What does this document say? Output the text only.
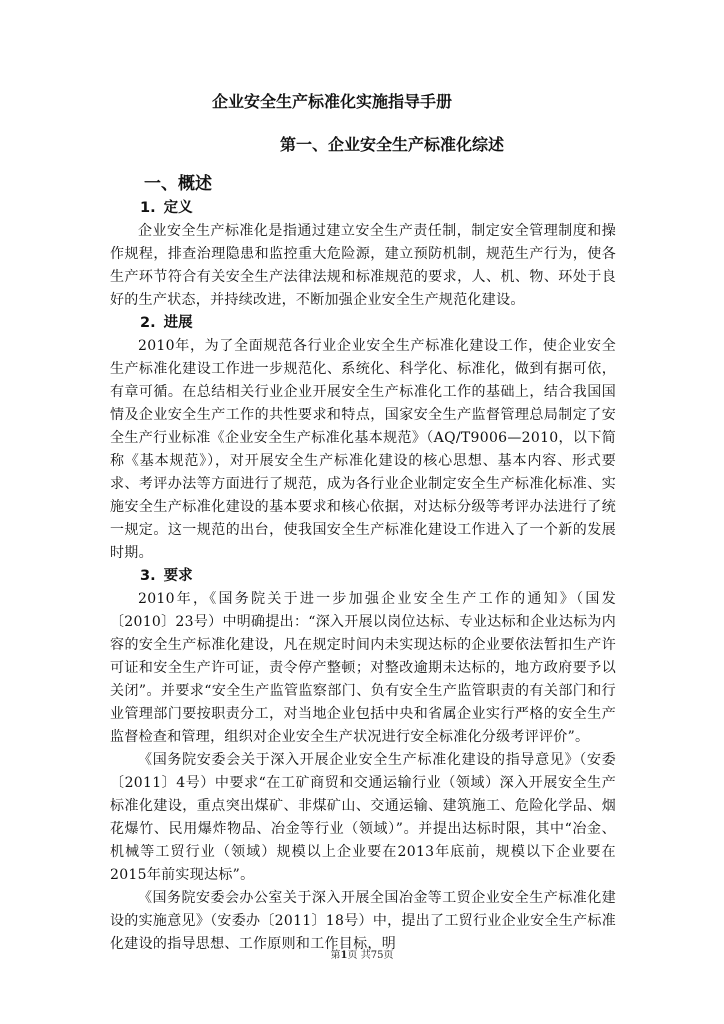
企业安全生产标准化实施指导手册
第一、企业安全生产标准化综述
一、概述
1. 定义

企业安全生产标准化是指通过建立安全生产责任制，制定安全管理制度和操作规程，排查治理隐患和监控重大危险源，建立预防机制，规范生产行为，使各生产环节符合有关安全生产法律法规和标准规范的要求，人、机、物、环处于良好的生产状态，并持续改进，不断加强企业安全生产规范化建设。

2. 进展

2010年，为了全面规范各行业企业安全生产标准化建设工作，使企业安全生产标准化建设工作进一步规范化、系统化、科学化、标准化，做到有据可依，有章可循。在总结相关行业企业开展安全生产标准化工作的基础上，结合我国国情及企业安全生产工作的共性要求和特点，国家安全生产监督管理总局制定了安全生产行业标准《企业安全生产标准化基本规范》（AQ/T9006—2010，以下简称《基本规范》），对开展安全生产标准化建设的核心思想、基本内容、形式要求、考评办法等方面进行了规范，成为各行业企业制定安全生产标准化标准、实施安全生产标准化建设的基本要求和核心依据，对达标分级等考评办法进行了统一规定。这一规范的出台，使我国安全生产标准化建设工作进入了一个新的发展时期。

3. 要求

2010年，《国务院关于进一步加强企业安全生产工作的通知》（国发〔2010〕23号）中明确提出：“深入开展以岗位达标、专业达标和企业达标为内容的安全生产标准化建设，凡在规定时间内未实现达标的企业要依法暂扣生产许可证和安全生产许可证，责令停产整顿；对整改逾期未达标的，地方政府要予以关闭”。并要求“安全生产监管监察部门、负有安全生产监管职责的有关部门和行业管理部门要按职责分工，对当地企业包括中央和省属企业实行严格的安全生产监督检查和管理，组织对企业安全生产状况进行安全标准化分级考评评价”。

《国务院安委会关于深入开展企业安全生产标准化建设的指导意见》（安委〔2011〕4号）中要求“在工矿商贸和交通运输行业（领域）深入开展安全生产标准化建设，重点突出煤矿、非煤矿山、交通运输、建筑施工、危险化学品、烟花爆竹、民用爆炸物品、冶金等行业（领域）”。并提出达标时限，其中“冶金、机械等工贸行业（领域）规模以上企业要在2013年底前，规模以下企业要在2015年前实现达标”。

《国务院安委会办公室关于深入开展全国冶金等工贸企业安全生产标准化建设的实施意见》（安委办〔2011〕18号）中，提出了工贸行业企业安全生产标准化建设的指导思想、工作原则和工作目标，明

第1页 共75页
